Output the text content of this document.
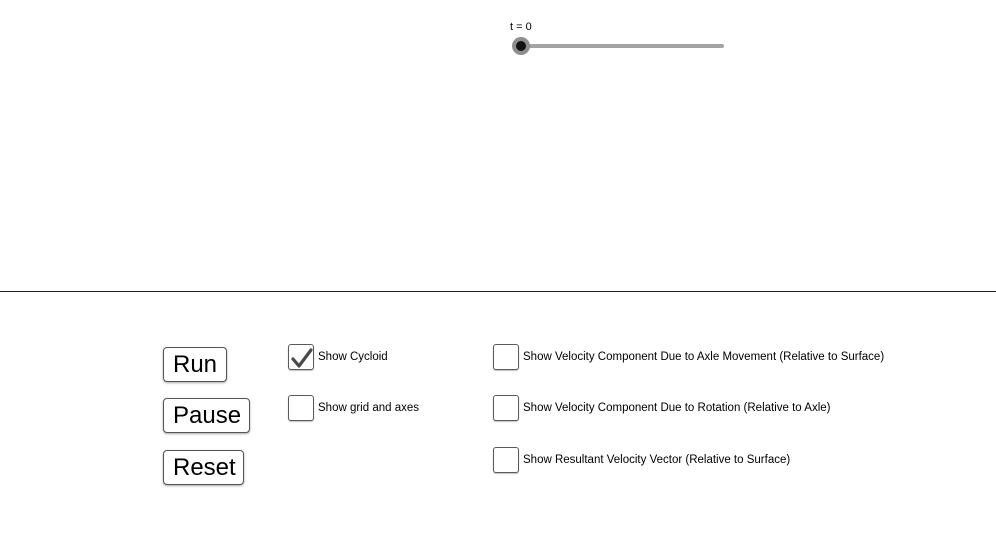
t = 0
Run
Pause
Reset
Show Cycloid
Show grid and axes
Show Velocity Component Due to Axle Movement (Relative to Surface)
Show Velocity Component Due to Rotation (Relative to Axle)
Show Resultant Velocity Vector (Relative to Surface)
